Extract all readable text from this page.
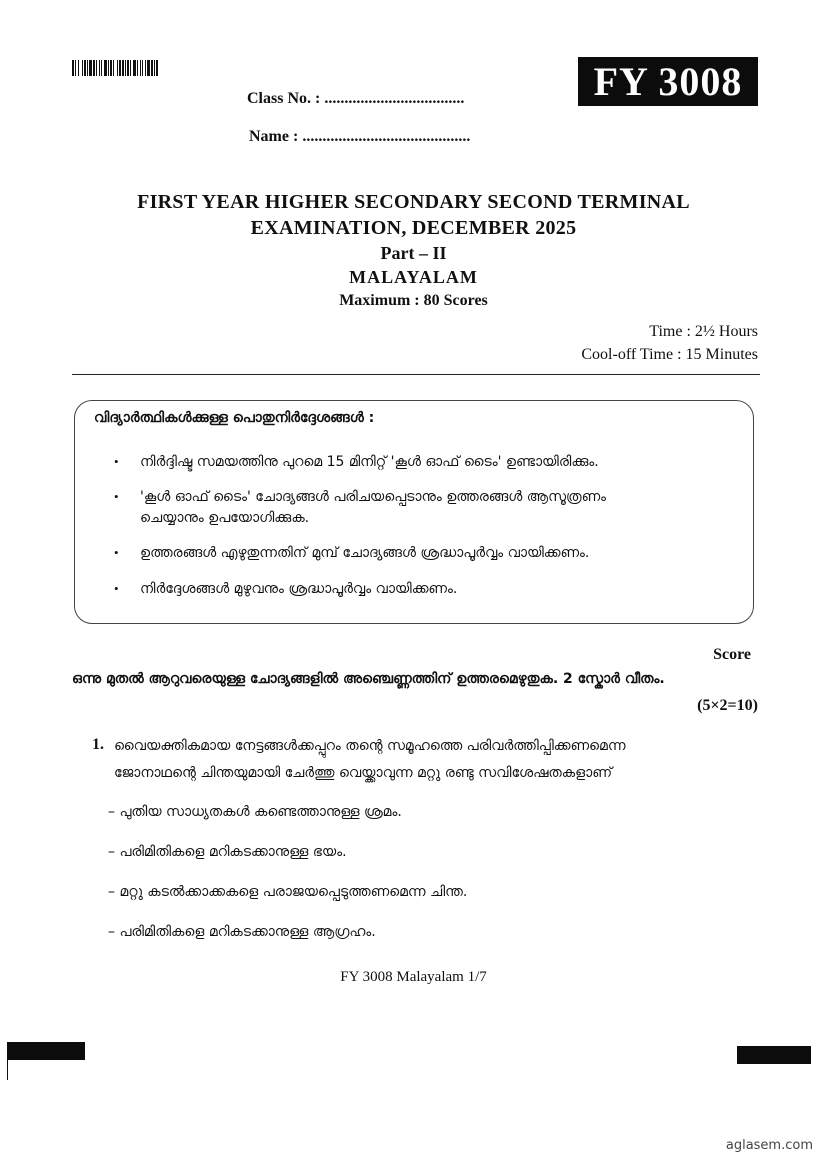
FY 3008
Class No. : ...................................
Name : ..........................................
FIRST YEAR HIGHER SECONDARY SECOND TERMINAL
EXAMINATION, DECEMBER 2025
Part – II
MALAYALAM
Maximum : 80 Scores
Time : 2½ Hours
Cool-off Time : 15 Minutes
വിദ്യാർത്ഥികൾക്കുള്ള പൊതുനിർദ്ദേശങ്ങൾ :
• നിർദ്ദിഷ്ട സമയത്തിനു പുറമെ 15 മിനിറ്റ് 'കൂൾ ഓഫ് ടൈം' ഉണ്ടായിരിക്കും.
• 'കൂൾ ഓഫ് ടൈം' ചോദ്യങ്ങൾ പരിചയപ്പെടാനും ഉത്തരങ്ങൾ ആസൂത്രണം
ചെയ്യാനും ഉപയോഗിക്കുക.
• ഉത്തരങ്ങൾ എഴുതുന്നതിന് മുമ്പ് ചോദ്യങ്ങൾ ശ്രദ്ധാപൂർവ്വം വായിക്കണം.
• നിർദ്ദേശങ്ങൾ മുഴുവനും ശ്രദ്ധാപൂർവ്വം വായിക്കണം.
Score
ഒന്നു മുതൽ ആറുവരെയുള്ള ചോദ്യങ്ങളിൽ അഞ്ചെണ്ണത്തിന് ഉത്തരമെഴുതുക. 2 സ്കോർ വീതം.
(5×2=10)
1. വൈയക്തികമായ നേട്ടങ്ങൾക്കപ്പുറം തന്റെ സമൂഹത്തെ പരിവർത്തിപ്പിക്കണമെന്ന
ജോനാഥന്റെ ചിന്തയുമായി ചേർത്തു വെയ്ക്കാവുന്ന മറ്റു രണ്ടു സവിശേഷതകളാണ്
– പുതിയ സാധ്യതകൾ കണ്ടെത്താനുള്ള ശ്രമം.
– പരിമിതികളെ മറികടക്കാനുള്ള ഭയം.
– മറ്റു കടൽക്കാക്കകളെ പരാജയപ്പെടുത്തണമെന്ന ചിന്ത.
– പരിമിതികളെ മറികടക്കാനുള്ള ആഗ്രഹം.
FY 3008 Malayalam 1/7
aglasem.com
